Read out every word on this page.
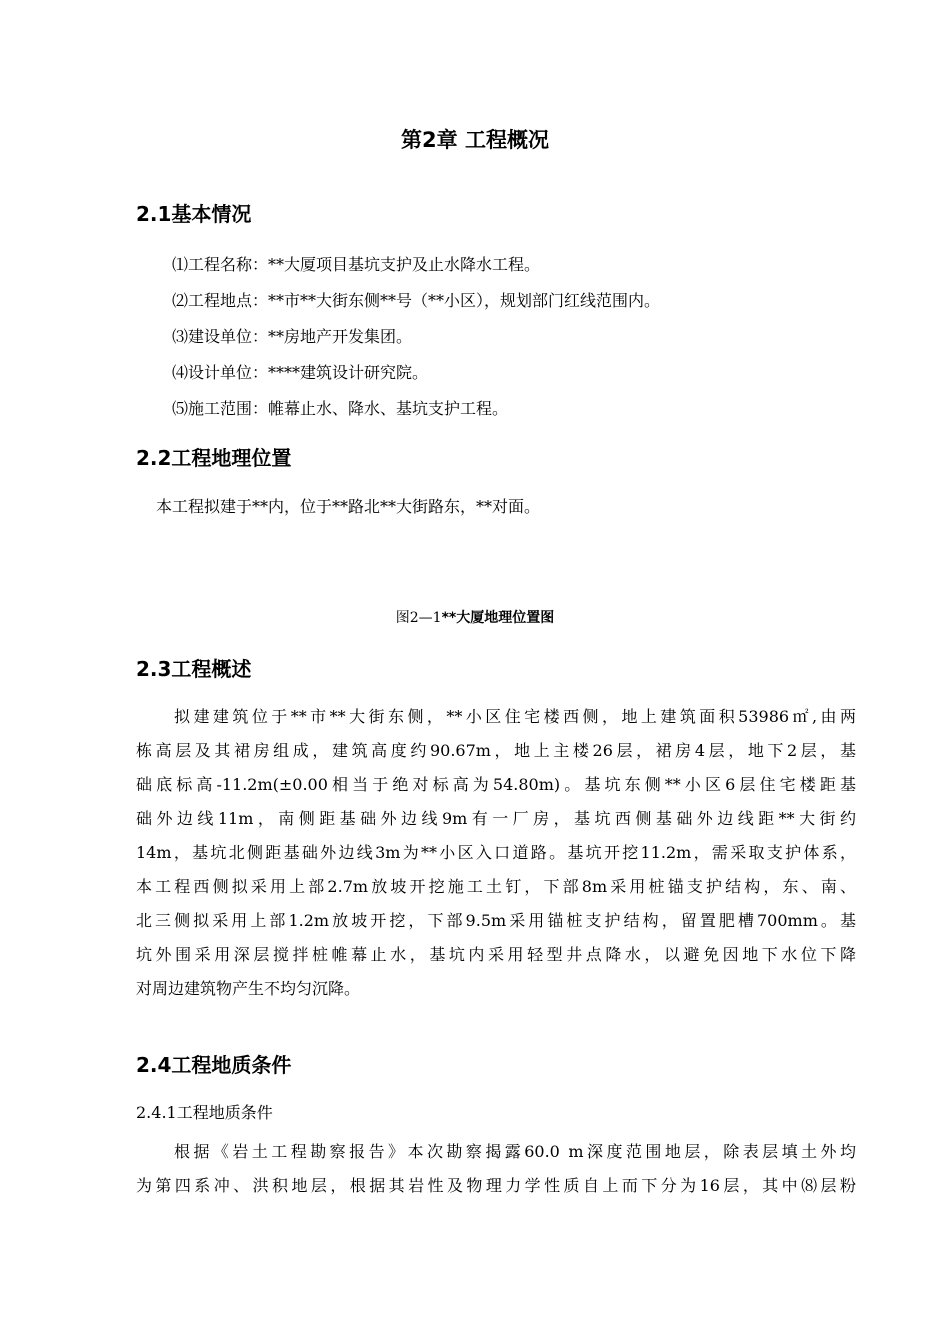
第2章 工程概况
2.1基本情况
⑴工程名称：**大厦项目基坑支护及止水降水工程。
⑵工程地点：**市**大街东侧**号（**小区），规划部门红线范围内。
⑶建设单位：**房地产开发集团。
⑷设计单位：****建筑设计研究院。
⑸施工范围：帷幕止水、降水、基坑支护工程。
2.2工程地理位置
本工程拟建于**内，位于**路北**大街路东，**对面。
图2—1**大厦地理位置图
2.3工程概述
拟建建筑位于**市**大街东侧，**小区住宅楼西侧，地上建筑面积53986㎡,由两
栋高层及其裙房组成，建筑高度约90.67m，地上主楼26层，裙房4层，地下2层，基
础底标高-11.2m(±0.00相当于绝对标高为54.80m)。基坑东侧**小区6层住宅楼距基
础外边线11m，南侧距基础外边线9m有一厂房，基坑西侧基础外边线距**大街约
14m，基坑北侧距基础外边线3m为**小区入口道路。基坑开挖11.2m，需采取支护体系，
本工程西侧拟采用上部2.7m放坡开挖施工土钉，下部8m采用桩锚支护结构，东、南、
北三侧拟采用上部1.2m放坡开挖，下部9.5m采用锚桩支护结构，留置肥槽700mm。基
坑外围采用深层搅拌桩帷幕止水，基坑内采用轻型井点降水，以避免因地下水位下降
对周边建筑物产生不均匀沉降。
2.4工程地质条件
2.4.1工程地质条件
根据《岩土工程勘察报告》本次勘察揭露60.0 m深度范围地层，除表层填土外均
为第四系冲、洪积地层，根据其岩性及物理力学性质自上而下分为16层，其中⑻层粉
